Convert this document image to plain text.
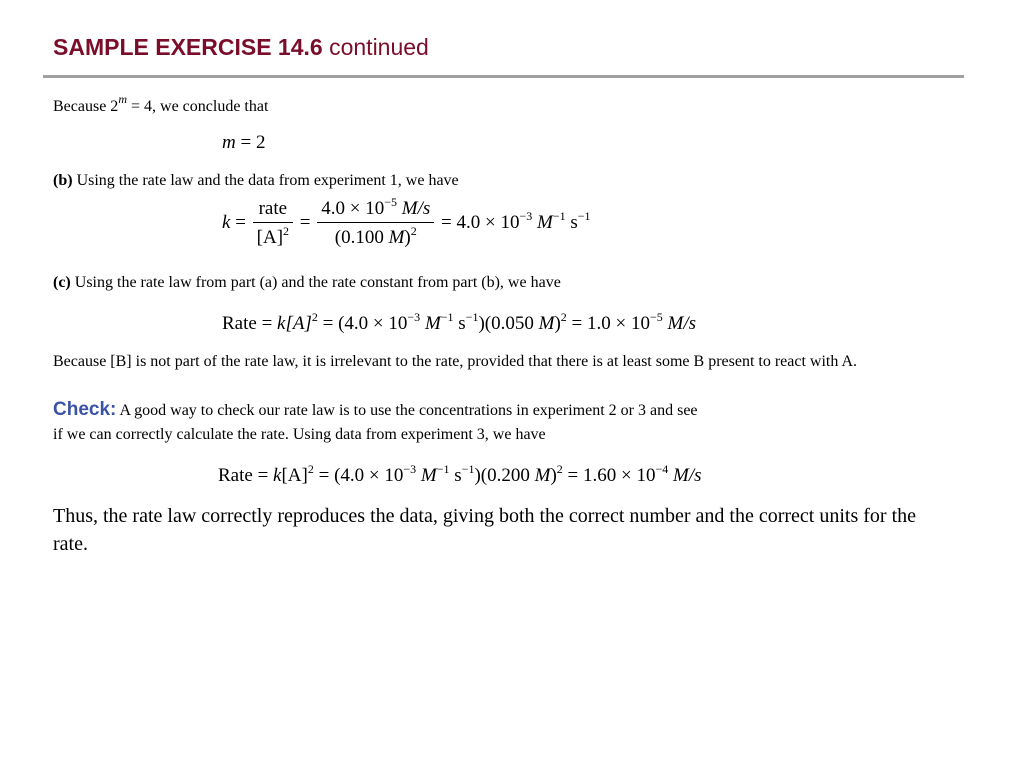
SAMPLE EXERCISE 14.6 continued

Because $2^m = 4$, we conclude that

m = 2

(b) Using the rate law and the data from experiment 1, we have

$k = \frac{\text{rate}}{[A]^2} = \frac{4.0 \times 10^{-5} M/s}{(0.100 M)^2} = 4.0 \times 10^{-3}$ $M^{-1}$ $s^{-1}$

(c) Using the rate law from part (a) and the rate constant from part (b), we have

Rate = $k[A]^2 = (4.0 \times 10^{-3}$ $M^{-1}$ $s^{-1})(0.050$ $M)^2 = 1.0 \times 10^{-5}$ M/s

Because [B] is not part of the rate law, it is irrelevant to the rate, provided that there is at least some B present to react with A.

Check: A good way to check our rate law is to use the concentrations in experiment 2 or 3 and see
if we can correctly calculate the rate. Using data from experiment 3, we have

Rate = $k[A]^2 = (4.0 \times 10^{-3}$ $M^{-1}$ $s^{-1})(0.200$ $M)^2 = 1.60 \times 10^{-4}$ M/s

Thus, the rate law correctly reproduces the data, giving both the correct number and the correct units for the rate.
